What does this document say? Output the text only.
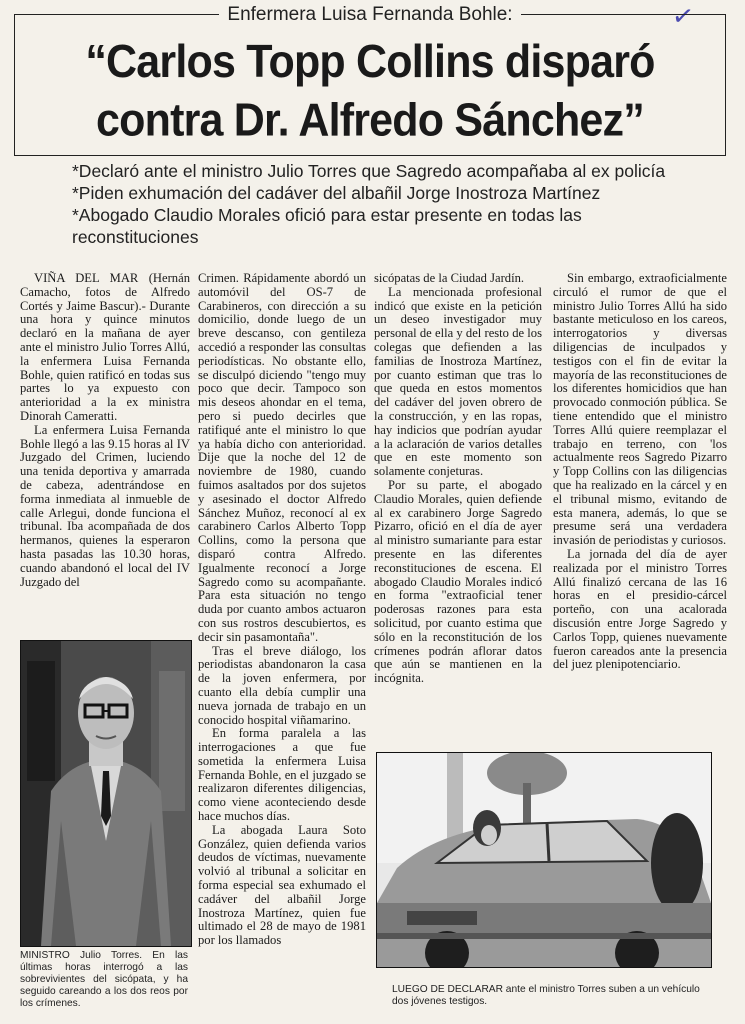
✓
Enfermera Luisa Fernanda Bohle:
“Carlos Topp Collins disparó
contra Dr. Alfredo Sánchez”

*Declaró ante el ministro Julio Torres que Sagredo acompañaba al ex policía

*Piden exhumación del cadáver del albañil Jorge Inostroza Martínez

*Abogado Claudio Morales ofició para estar presente en todas las reconstituciones

VIÑA DEL MAR (Hernán Camacho, fotos de Alfredo Cortés y Jaime Bascur).- Durante una hora y quince minutos declaró en la mañana de ayer ante el ministro Julio Torres Allú, la enfermera Luisa Fernanda Bohle, quien ratificó en todas sus partes lo ya expuesto con anterioridad a la ex ministra Dinorah Cameratti.

La enfermera Luisa Fernanda Bohle llegó a las 9.15 horas al IV Juzgado del Crimen, luciendo una tenida deportiva y amarrada de cabeza, adentrándose en forma inmediata al inmueble de calle Arlegui, donde funciona el tribunal. Iba acompañada de dos hermanos, quienes la esperaron hasta pasadas las 10.30 horas, cuando abandonó el local del IV Juzgado del

Crimen. Rápidamente abordó un automóvil del OS-7 de Carabineros, con dirección a su domicilio, donde luego de un breve descanso, con gentileza accedió a responder las consultas periodísticas. No obstante ello, se disculpó diciendo "tengo muy poco que decir. Tampoco son mis deseos ahondar en el tema, pero si puedo decirles que ratifiqué ante el ministro lo que ya había dicho con anterioridad. Dije que la noche del 12 de noviembre de 1980, cuando fuimos asaltados por dos sujetos y asesinado el doctor Alfredo Sánchez Muñoz, reconocí al ex carabinero Carlos Alberto Topp Collins, como la persona que disparó contra Alfredo. Igualmente reconocí a Jorge Sagredo como su acompañante. Para esta situación no tengo duda por cuanto ambos actuaron con sus rostros descubiertos, es decir sin pasamontaña".

Tras el breve diálogo, los periodistas abandonaron la casa de la joven enfermera, por cuanto ella debía cumplir una nueva jornada de trabajo en un conocido hospital viñamarino.

En forma paralela a las interrogaciones a que fue sometida la enfermera Luisa Fernanda Bohle, en el juzgado se realizaron diferentes diligencias, como viene aconteciendo desde hace muchos días.

La abogada Laura Soto González, quien defienda varios deudos de víctimas, nuevamente volvió al tribunal a solicitar en forma especial sea exhumado el cadáver del albañil Jorge Inostroza Martínez, quien fue ultimado el 28 de mayo de 1981 por los llamados

sicópatas de la Ciudad Jardín.

La mencionada profesional indicó que existe en la petición un deseo investigador muy personal de ella y del resto de los colegas que defienden a las familias de Inostroza Martínez, por cuanto estiman que tras lo que queda en estos momentos del cadáver del joven obrero de la construcción, y en las ropas, hay indicios que podrían ayudar a la aclaración de varios detalles que en este momento son solamente conjeturas.

Por su parte, el abogado Claudio Morales, quien defiende al ex carabinero Jorge Sagredo Pizarro, ofició en el día de ayer al ministro sumariante para estar presente en las diferentes reconstituciones de escena. El abogado Claudio Morales indicó en forma "extraoficial tener poderosas razones para esta solicitud, por cuanto estima que sólo en la reconstitución de los crímenes podrán aflorar datos que aún se mantienen en la incógnita.

Sin embargo, extraoficialmente circuló el rumor de que el ministro Julio Torres Allú ha sido bastante meticuloso en los careos, interrogatorios y diversas diligencias de inculpados y testigos con el fin de evitar la mayoría de las reconstituciones de los diferentes homicidios que han provocado conmoción pública. Se tiene entendido que el ministro Torres Allú quiere reemplazar el trabajo en terreno, con 'los actualmente reos Sagredo Pizarro y Topp Collins con las diligencias que ha realizado en la cárcel y en el tribunal mismo, evitando de esta manera, además, lo que se presume será una verdadera invasión de periodistas y curiosos.

La jornada del día de ayer realizada por el ministro Torres Allú finalizó cercana de las 16 horas en el presidio-cárcel porteño, con una acalorada discusión entre Jorge Sagredo y Carlos Topp, quienes nuevamente fueron careados ante la presencia del juez plenipotenciario.

MINISTRO Julio Torres. En las últimas horas interrogó a las sobrevivientes del sicópata, y ha seguido careando a los dos reos por los crímenes.
LUEGO DE DECLARAR ante el ministro Torres suben a un vehículo dos jóvenes testigos.
